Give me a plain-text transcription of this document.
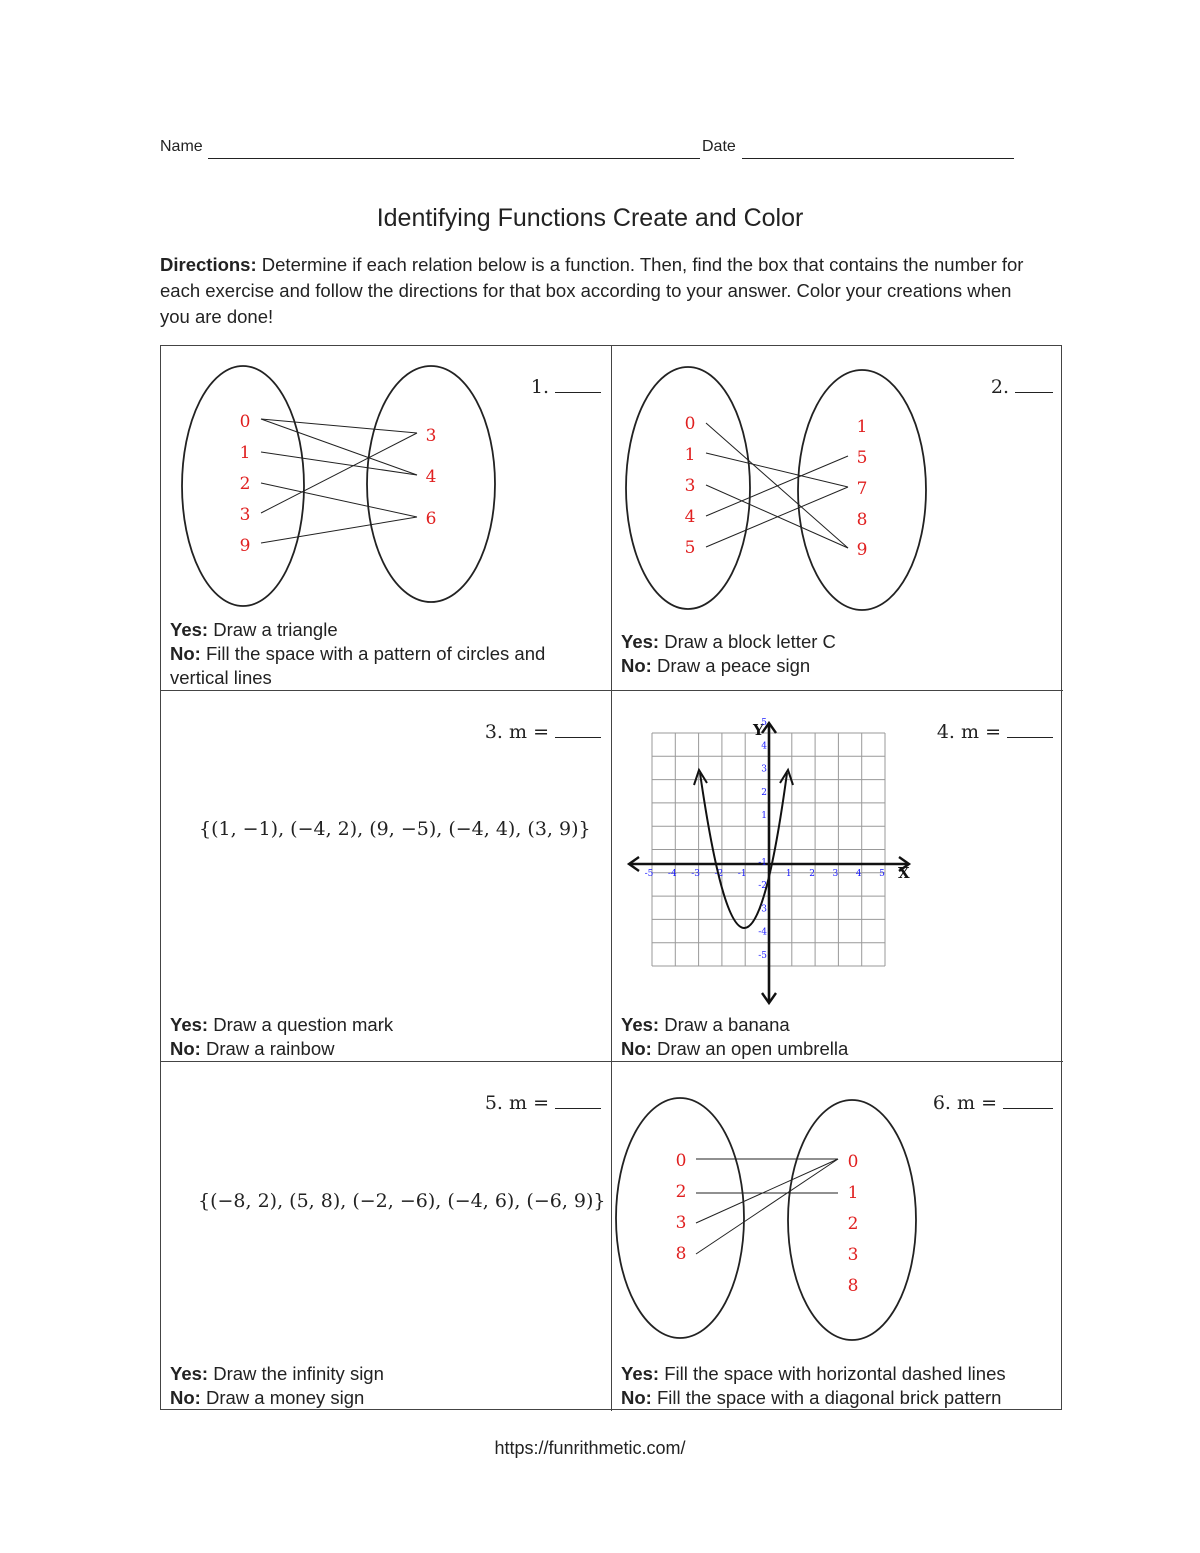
Name	Date
Identifying Functions Create and Color
Directions: Determine if each relation below is a function. Then, find the box that contains the number for each exercise and follow the directions for that box according to your answer. Color your creations when you are done!
1.
0
1
2
3
9
3
4
6
Yes: Draw a triangle
No: Fill the space with a pattern of circles and vertical lines
2.
0
1
3
4
5
1
5
7
8
9
Yes: Draw a block letter C
No: Draw a peace sign
3. m =
{(1, −1), (−4, 2), (9, −5), (−4, 4), (3, 9)}
Yes: Draw a question mark
No: Draw a rainbow
4. m =
X
Y
-5 -4 -3 -2 -1	1 2 3 4 5
5
4
3
2
1
-1
-2
-3
-4
-5
Yes: Draw a banana
No: Draw an open umbrella
5. m =
{(−8, 2), (5, 8), (−2, −6), (−4, 6), (−6, 9)}
Yes: Draw the infinity sign
No: Draw a money sign
6. m =
0
2
3
8
0
1
2
3
8
Yes: Fill the space with horizontal dashed lines
No: Fill the space with a diagonal brick pattern
https://funrithmetic.com/
